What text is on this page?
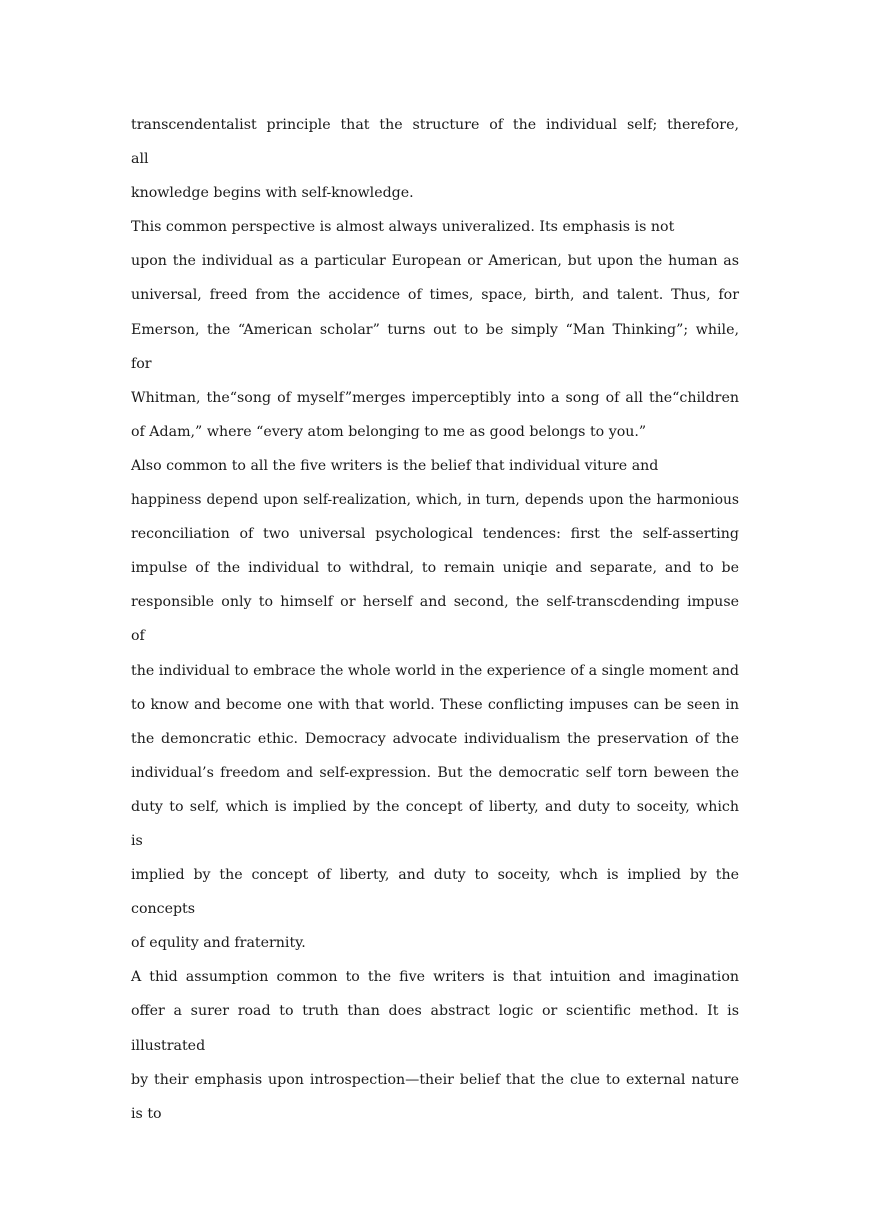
transcendentalist principle that the structure of the individual self; therefore,
all
knowledge begins with self-knowledge.
This common perspective is almost always univeralized. Its emphasis is not
upon the individual as a particular European or American, but upon the human as
universal, freed from the accidence of times, space, birth, and talent. Thus, for
Emerson, the “American scholar” turns out to be simply “Man Thinking”; while,
for
Whitman, the“song of myself”merges imperceptibly into a song of all the“children
of Adam,” where “every atom belonging to me as good belongs to you.”
Also common to all the five writers is the belief that individual viture and
happiness depend upon self-realization, which, in turn, depends upon the harmonious
reconciliation of two universal psychological tendences: first the self-asserting
impulse of the individual to withdral, to remain uniqie and separate, and to be
responsible only to himself or herself and second, the self-transcdending impuse
of
the individual to embrace the whole world in the experience of a single moment and
to know and become one with that world. These conflicting impuses can be seen in
the demoncratic ethic. Democracy advocate individualism the preservation of the
individual’s freedom and self-expression. But the democratic self torn beween the
duty to self, which is implied by the concept of liberty, and duty to soceity, which
is
implied by the concept of liberty, and duty to soceity, whch is implied by the
concepts
of equlity and fraternity.
A thid assumption common to the five writers is that intuition and imagination
offer a surer road to truth than does abstract logic or scientific method. It is
illustrated
by their emphasis upon introspection—their belief that the clue to external nature
is to
